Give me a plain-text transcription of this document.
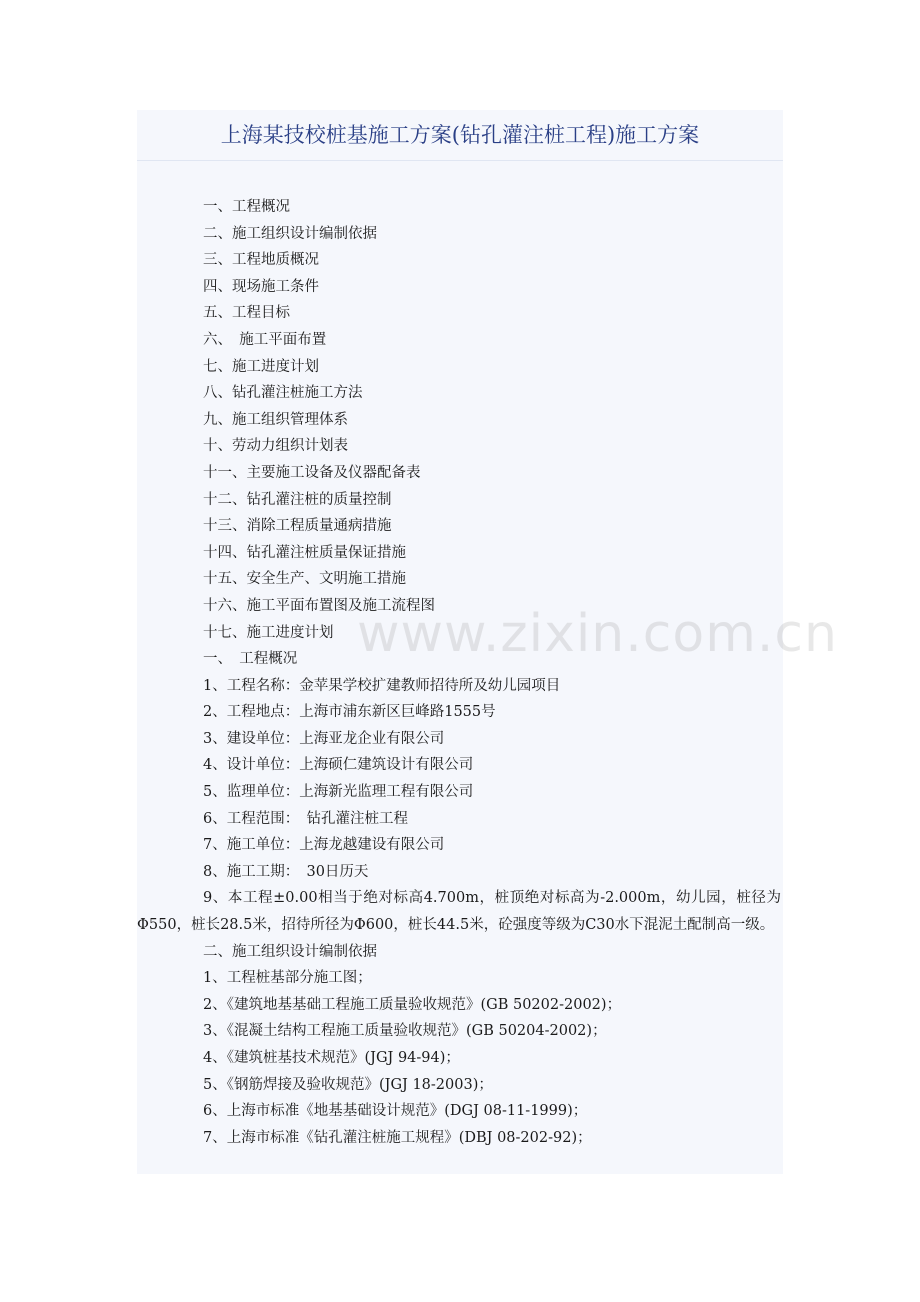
上海某技校桩基施工方案(钻孔灌注桩工程)施工方案
一、工程概况
二、施工组织设计编制依据
三、工程地质概况
四、现场施工条件
五、工程目标
六、　施工平面布置
七、施工进度计划
八、钻孔灌注桩施工方法
九、施工组织管理体系
十、劳动力组织计划表
十一、主要施工设备及仪器配备表
十二、钻孔灌注桩的质量控制
十三、消除工程质量通病措施
十四、钻孔灌注桩质量保证措施
十五、安全生产、文明施工措施
十六、施工平面布置图及施工流程图
十七、施工进度计划
一、　工程概况
1、工程名称：金苹果学校扩建教师招待所及幼儿园项目
2、工程地点：上海市浦东新区巨峰路1555号
3、建设单位：上海亚龙企业有限公司
4、设计单位：上海硕仁建筑设计有限公司
5、监理单位：上海新光监理工程有限公司
6、工程范围：　钻孔灌注桩工程
7、施工单位：上海龙越建设有限公司
8、施工工期：　30日历天
9、本工程±0.00相当于绝对标高4.700m，桩顶绝对标高为-2.000m，幼儿园，桩径为Φ550，桩长28.5米，招待所径为Φ600，桩长44.5米，砼强度等级为C30水下混泥土配制高一级。
二、施工组织设计编制依据
1、工程桩基部分施工图；
2、《建筑地基基础工程施工质量验收规范》(GB 50202-2002)；
3、《混凝土结构工程施工质量验收规范》(GB 50204-2002)；
4、《建筑桩基技术规范》(JGJ 94-94)；
5、《钢筋焊接及验收规范》(JGJ 18-2003)；
6、上海市标准《地基基础设计规范》(DGJ 08-11-1999)；
7、上海市标准《钻孔灌注桩施工规程》(DBJ 08-202-92)；
www.zixin.com.cn
